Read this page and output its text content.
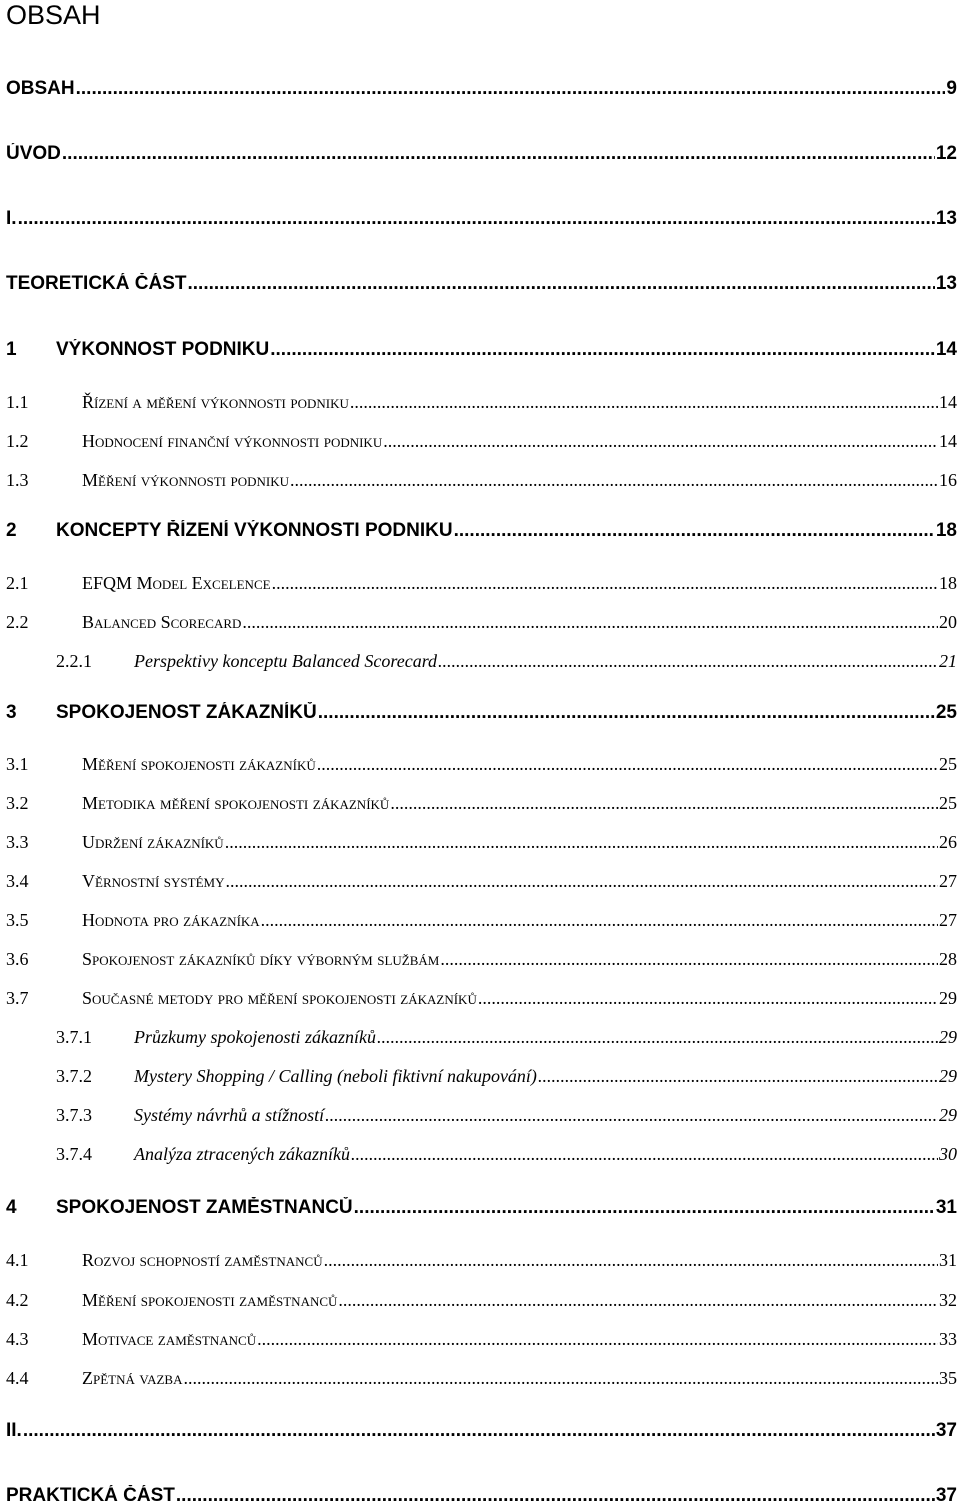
OBSAH
OBSAH .....	9
ÚVOD .....	12
I. .....	13
TEORETICKÁ ČÁST .....	13
1	VÝKONNOST PODNIKU .....	14
1.1	Řízení a měření výkonnosti podniku .....	14
1.2	Hodnocení finanční výkonnosti podniku .....	14
1.3	Měření výkonnosti podniku .....	16
2	KONCEPTY ŘÍZENÍ VÝKONNOSTI PODNIKU .....	18
2.1	EFQM Model Excelence .....	18
2.2	Balanced Scorecard .....	20
2.2.1	Perspektivy konceptu Balanced Scorecard .....	21
3	SPOKOJENOST ZÁKAZNÍKŮ .....	25
3.1	Měření spokojenosti zákazníků .....	25
3.2	Metodika měření spokojenosti zákazníků .....	25
3.3	Udržení zákazníků .....	26
3.4	Věrnostní systémy .....	27
3.5	Hodnota pro zákazníka .....	27
3.6	Spokojenost zákazníků díky výborným službám .....	28
3.7	Současné metody pro měření spokojenosti zákazníků .....	29
3.7.1	Průzkumy spokojenosti zákazníků .....	29
3.7.2	Mystery Shopping / Calling (neboli fiktivní nakupování) .....	29
3.7.3	Systémy návrhů a stížností .....	29
3.7.4	Analýza ztracených zákazníků .....	30
4	SPOKOJENOST ZAMĚSTNANCŮ .....	31
4.1	Rozvoj schopností zaměstnanců .....	31
4.2	Měření spokojenosti zaměstnanců .....	32
4.3	Motivace zaměstnanců .....	33
4.4	Zpětná vazba .....	35
II. .....	37
PRAKTICKÁ ČÁST .....	37
